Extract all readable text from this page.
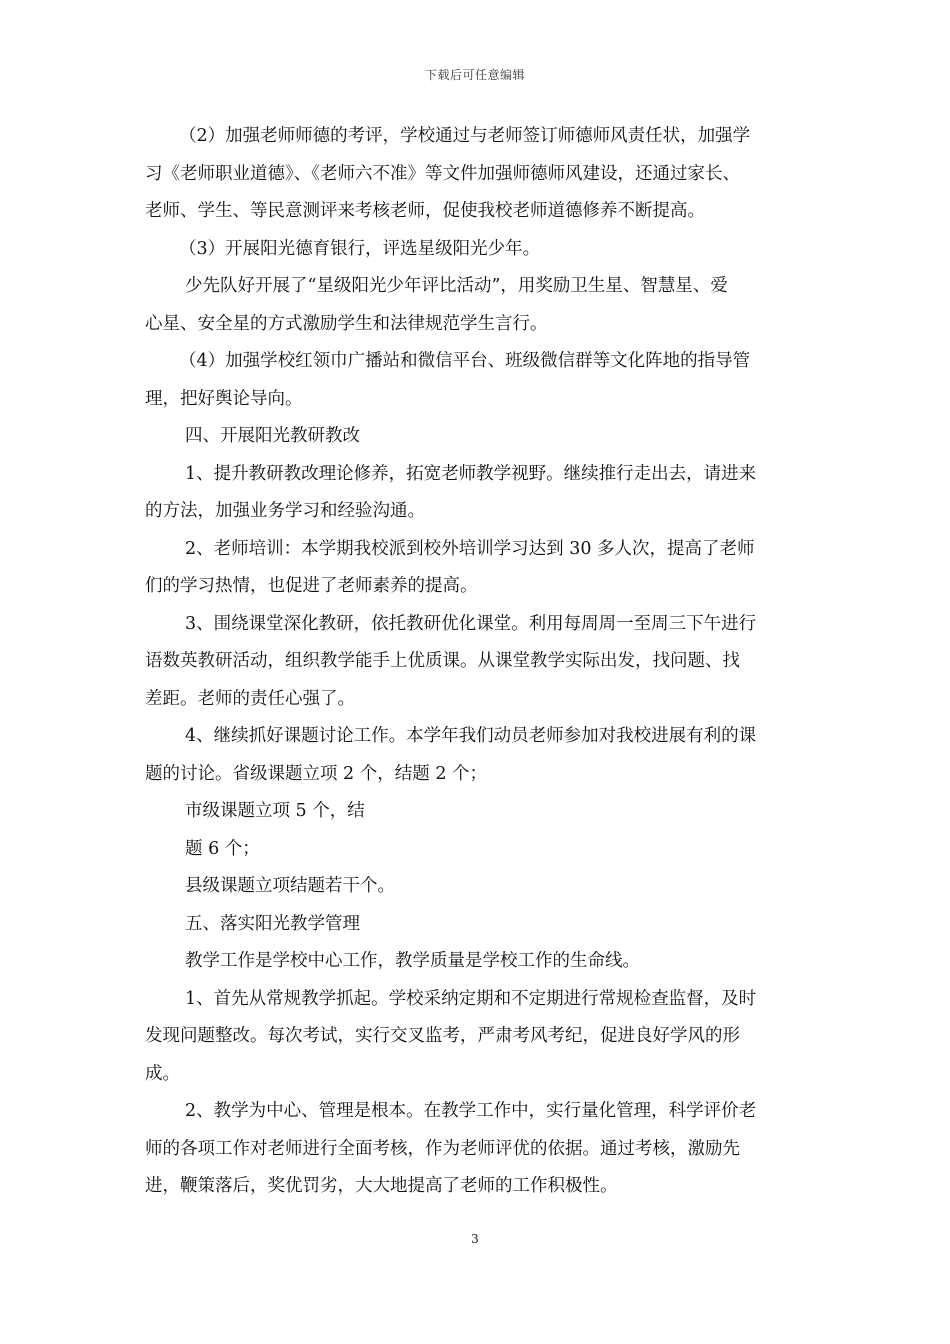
下载后可任意编辑
（2）加强老师师德的考评，学校通过与老师签订师德师风责任状，加强学
习《老师职业道德》、《老师六不准》等文件加强师德师风建设，还通过家长、
老师、学生、等民意测评来考核老师，促使我校老师道德修养不断提高。
（3）开展阳光德育银行，评选星级阳光少年。
少先队好开展了“星级阳光少年评比活动”，用奖励卫生星、智慧星、爱
心星、安全星的方式激励学生和法律规范学生言行。
（4）加强学校红领巾广播站和微信平台、班级微信群等文化阵地的指导管
理，把好舆论导向。
四、开展阳光教研教改
1、提升教研教改理论修养，拓宽老师教学视野。继续推行走出去，请进来
的方法，加强业务学习和经验沟通。
2、老师培训：本学期我校派到校外培训学习达到 30 多人次，提高了老师
们的学习热情，也促进了老师素养的提高。
3、围绕课堂深化教研，依托教研优化课堂。利用每周周一至周三下午进行
语数英教研活动，组织教学能手上优质课。从课堂教学实际出发，找问题、找
差距。老师的责任心强了。
4、继续抓好课题讨论工作。本学年我们动员老师参加对我校进展有利的课
题的讨论。省级课题立项 2 个，结题 2 个；
市级课题立项 5 个，结
题 6 个；
县级课题立项结题若干个。
五、落实阳光教学管理
教学工作是学校中心工作，教学质量是学校工作的生命线。
1、首先从常规教学抓起。学校采纳定期和不定期进行常规检查监督，及时
发现问题整改。每次考试，实行交叉监考，严肃考风考纪，促进良好学风的形
成。
2、教学为中心、管理是根本。在教学工作中，实行量化管理，科学评价老
师的各项工作对老师进行全面考核，作为老师评优的依据。通过考核，激励先
进，鞭策落后，奖优罚劣，大大地提高了老师的工作积极性。
3
